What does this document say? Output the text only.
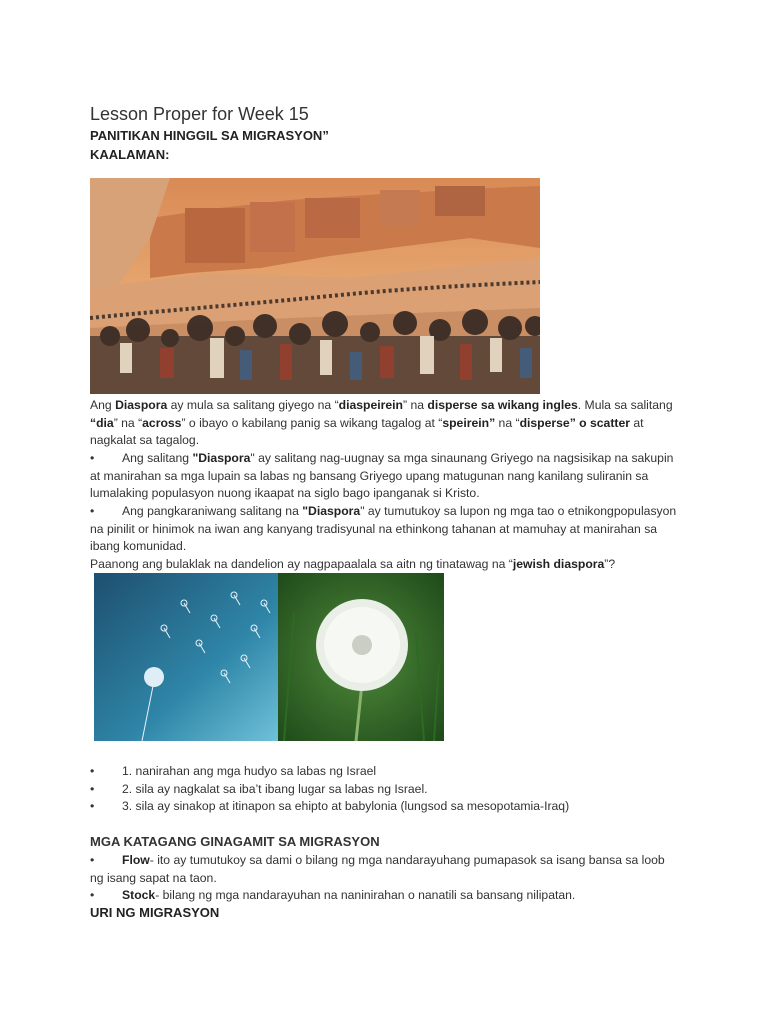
Lesson Proper for Week 15
PANITIKAN HINGGIL SA MIGRASYON”
KAALAMAN:
Ang Diaspora ay mula sa salitang giyego na “diaspeirein” na disperse sa wikang ingles. Mula sa salitang “dia” na “across” o ibayo o kabilang panig sa wikang tagalog at “speirein” na “disperse” o scatter at nagkalat sa tagalog.
• Ang salitang "Diaspora" ay salitang nag-uugnay sa mga sinaunang Griyego na nagsisikap na sakupin at manirahan sa mga lupain sa labas ng bansang Griyego upang matugunan nang kanilang suliranin sa lumalaking populasyon nuong ikaapat na siglo bago ipanganak si Kristo.
• Ang pangkaraniwang salitang na "Diaspora" ay tumutukoy sa lupon ng mga tao o etnikongpopulasyon na pinilit or hinimok na iwan ang kanyang tradisyunal na ethinkong tahanan at mamuhay at manirahan sa ibang komunidad.
Paanong ang bulaklak na dandelion ay nagpapaalala sa aitn ng tinatawag na “jewish diaspora”?
• 1. nanirahan ang mga hudyo sa labas ng Israel
• 2. sila ay nagkalat sa iba’t ibang lugar sa labas ng Israel.
• 3. sila ay sinakop at itinapon sa ehipto at babylonia (lungsod sa mesopotamia-Iraq)
MGA KATAGANG GINAGAMIT SA MIGRASYON
• Flow- ito ay tumutukoy sa dami o bilang ng mga nandarayuhang pumapasok sa isang bansa sa loob ng isang sapat na taon.
• Stock- bilang ng mga nandarayuhan na naninirahan o nanatili sa bansang nilipatan.
URI NG MIGRASYON
